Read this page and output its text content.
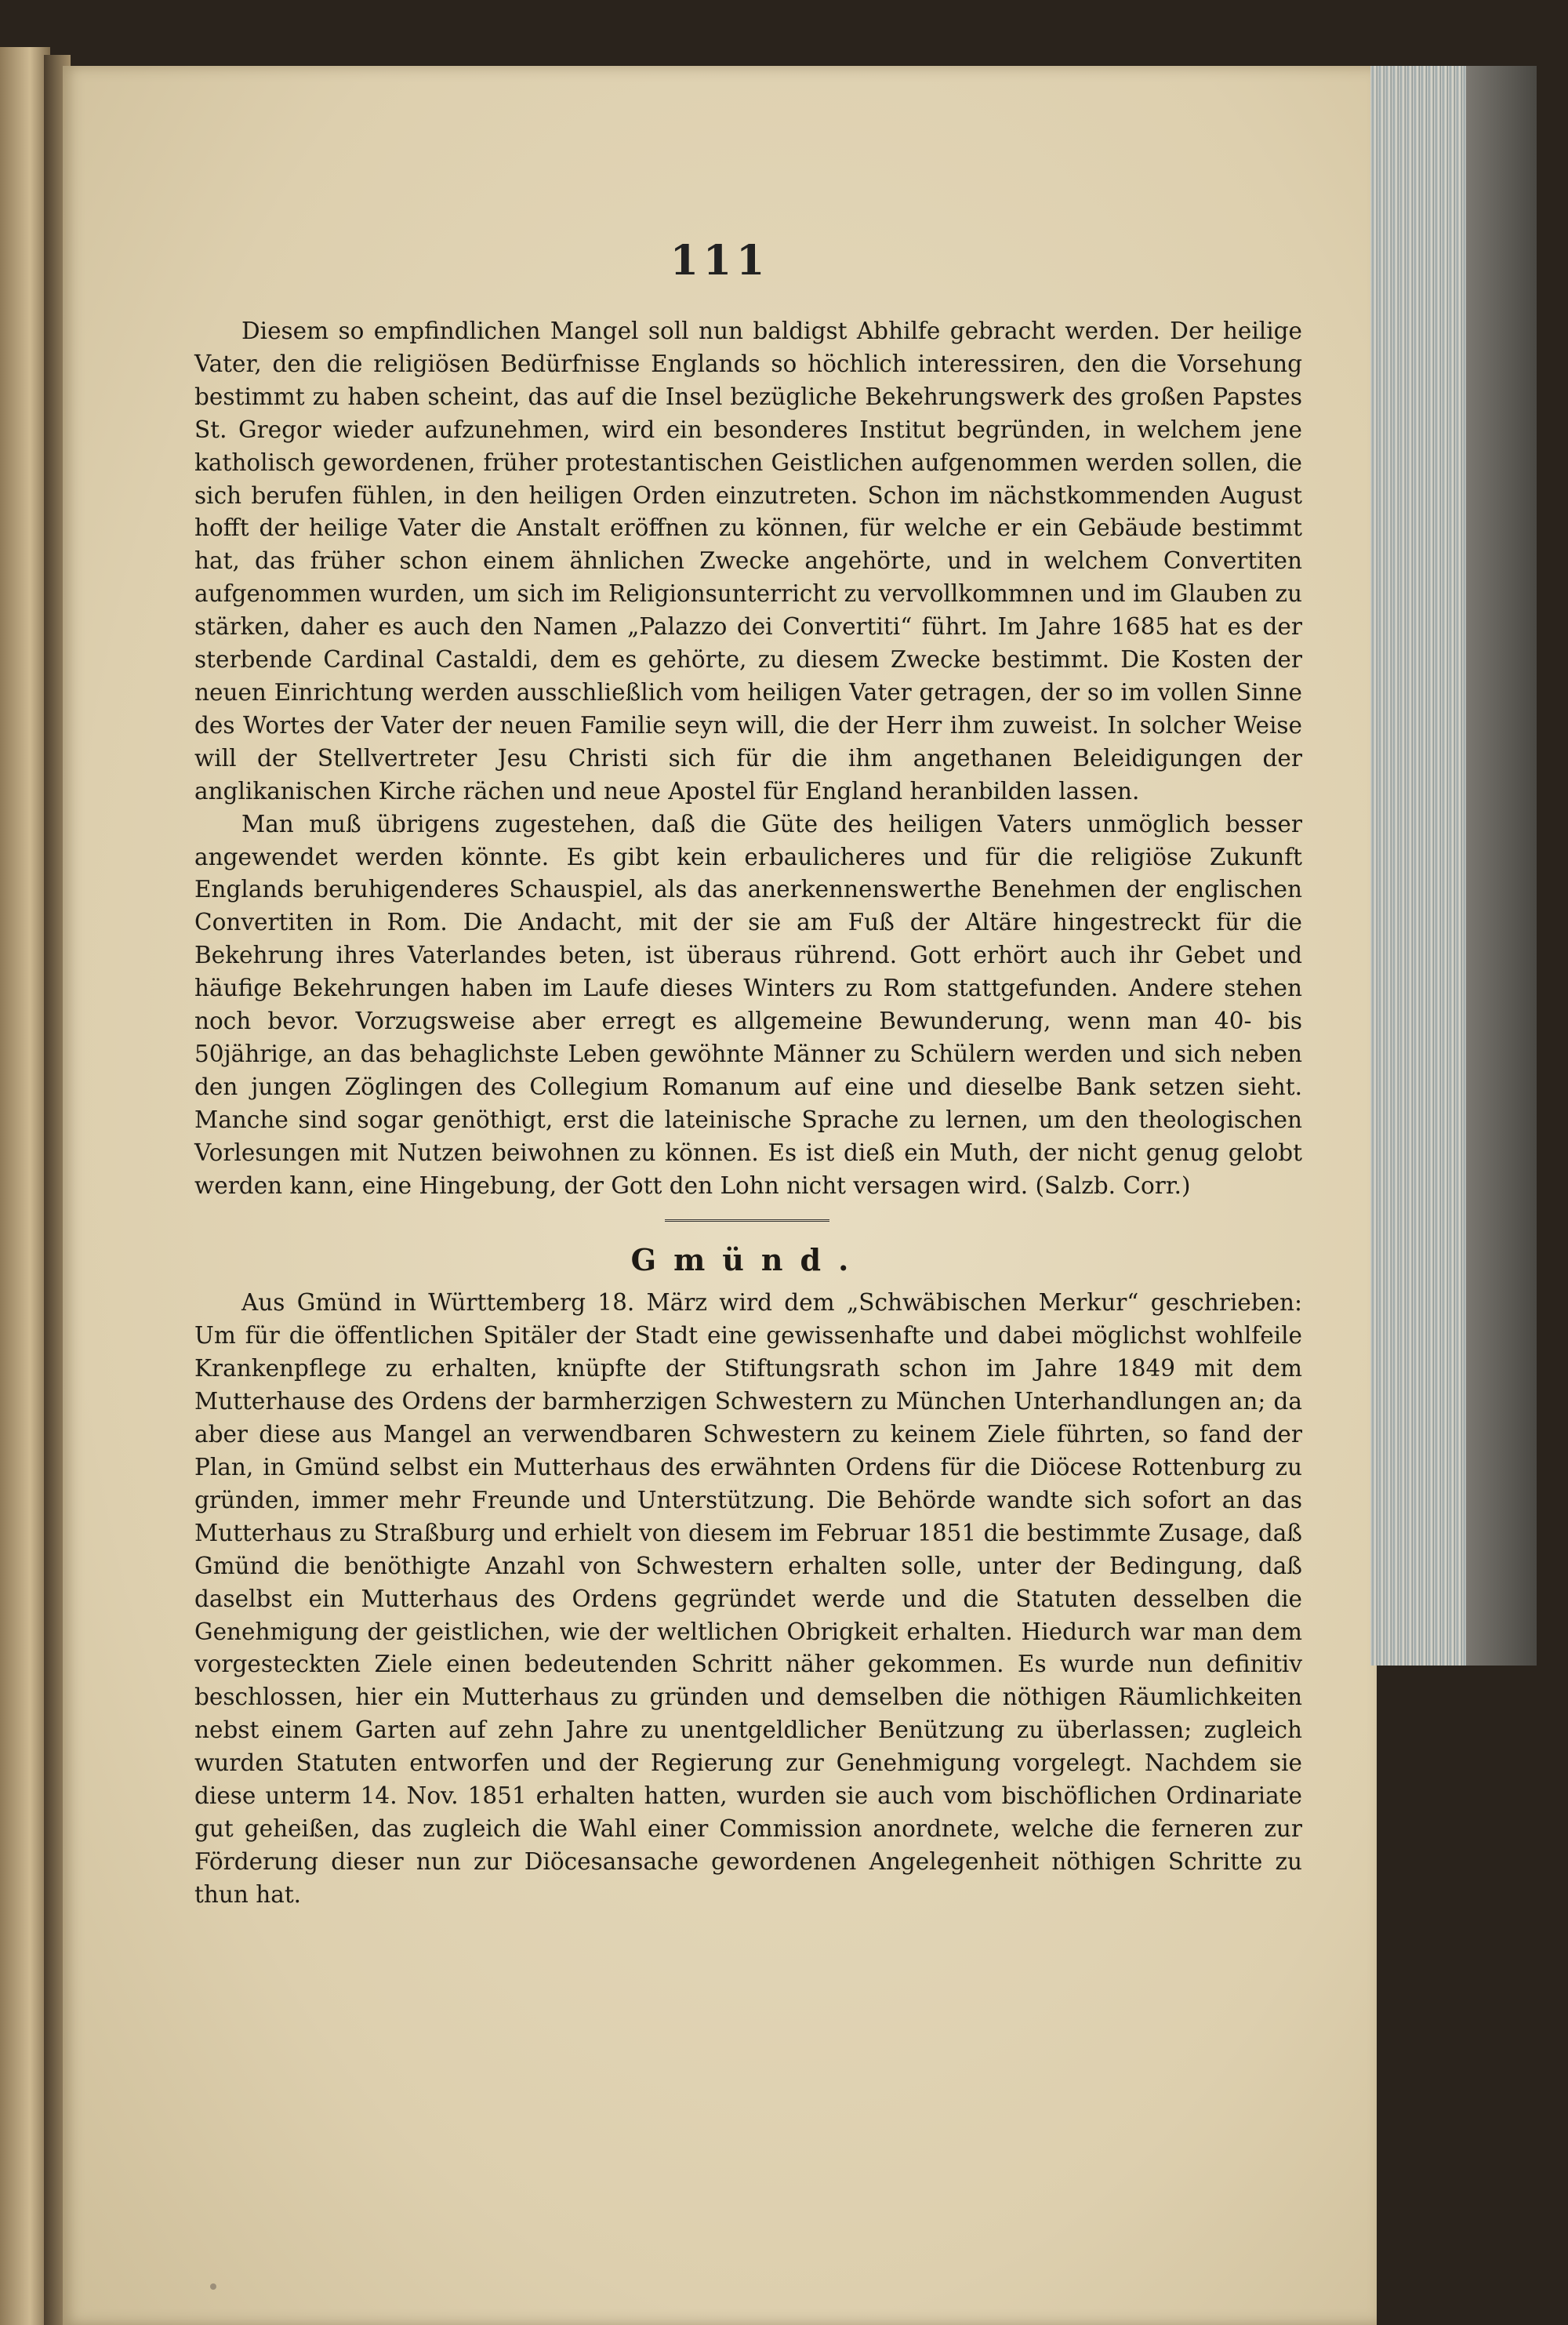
111

Diesem so empfindlichen Mangel soll nun baldigst Abhilfe gebracht werden. Der heilige Vater, den die religiösen Bedürfnisse Englands so höchlich interessiren, den die Vorsehung bestimmt zu haben scheint, das auf die Insel bezügliche Bekehrungswerk des großen Papstes St. Gregor wieder aufzunehmen, wird ein besonderes Institut begründen, in welchem jene katholisch gewordenen, früher protestantischen Geistlichen aufgenommen werden sollen, die sich berufen fühlen, in den heiligen Orden einzutreten. Schon im nächstkommenden August hofft der heilige Vater die Anstalt eröffnen zu können, für welche er ein Gebäude bestimmt hat, das früher schon einem ähnlichen Zwecke angehörte, und in welchem Convertiten aufgenommen wurden, um sich im Religionsunterricht zu vervollkommnen und im Glauben zu stärken, daher es auch den Namen „Palazzo dei Convertiti“ führt. Im Jahre 1685 hat es der sterbende Cardinal Castaldi, dem es gehörte, zu diesem Zwecke bestimmt. Die Kosten der neuen Einrichtung werden ausschließlich vom heiligen Vater getragen, der so im vollen Sinne des Wortes der Vater der neuen Familie seyn will, die der Herr ihm zuweist. In solcher Weise will der Stellvertreter Jesu Christi sich für die ihm angethanen Beleidigungen der anglikanischen Kirche rächen und neue Apostel für England heranbilden lassen.

Man muß übrigens zugestehen, daß die Güte des heiligen Vaters unmöglich besser angewendet werden könnte. Es gibt kein erbaulicheres und für die religiöse Zukunft Englands beruhigenderes Schauspiel, als das anerkennenswerthe Benehmen der englischen Convertiten in Rom. Die Andacht, mit der sie am Fuß der Altäre hingestreckt für die Bekehrung ihres Vaterlandes beten, ist überaus rührend. Gott erhört auch ihr Gebet und häufige Bekehrungen haben im Laufe dieses Winters zu Rom stattgefunden. Andere stehen noch bevor. Vorzugsweise aber erregt es allgemeine Bewunderung, wenn man 40- bis 50jährige, an das behaglichste Leben gewöhnte Männer zu Schülern werden und sich neben den jungen Zöglingen des Collegium Romanum auf eine und dieselbe Bank setzen sieht. Manche sind sogar genöthigt, erst die lateinische Sprache zu lernen, um den theologischen Vorlesungen mit Nutzen beiwohnen zu können. Es ist dieß ein Muth, der nicht genug gelobt werden kann, eine Hingebung, der Gott den Lohn nicht versagen wird. (Salzb. Corr.)

Gmünd.

Aus Gmünd in Württemberg 18. März wird dem „Schwäbischen Merkur“ geschrieben: Um für die öffentlichen Spitäler der Stadt eine gewissenhafte und dabei möglichst wohlfeile Krankenpflege zu erhalten, knüpfte der Stiftungsrath schon im Jahre 1849 mit dem Mutterhause des Ordens der barmherzigen Schwestern zu München Unterhandlungen an; da aber diese aus Mangel an verwendbaren Schwestern zu keinem Ziele führten, so fand der Plan, in Gmünd selbst ein Mutterhaus des erwähnten Ordens für die Diöcese Rottenburg zu gründen, immer mehr Freunde und Unterstützung. Die Behörde wandte sich sofort an das Mutterhaus zu Straßburg und erhielt von diesem im Februar 1851 die bestimmte Zusage, daß Gmünd die benöthigte Anzahl von Schwestern erhalten solle, unter der Bedingung, daß daselbst ein Mutterhaus des Ordens gegründet werde und die Statuten desselben die Genehmigung der geistlichen, wie der weltlichen Obrigkeit erhalten. Hiedurch war man dem vorgesteckten Ziele einen bedeutenden Schritt näher gekommen. Es wurde nun definitiv beschlossen, hier ein Mutterhaus zu gründen und demselben die nöthigen Räumlichkeiten nebst einem Garten auf zehn Jahre zu unentgeldlicher Benützung zu überlassen; zugleich wurden Statuten entworfen und der Regierung zur Genehmigung vorgelegt. Nachdem sie diese unterm 14. Nov. 1851 erhalten hatten, wurden sie auch vom bischöflichen Ordinariate gut geheißen, das zugleich die Wahl einer Commission anordnete, welche die ferneren zur Förderung dieser nun zur Diöcesansache gewordenen Angelegenheit nöthigen Schritte zu thun hat.
